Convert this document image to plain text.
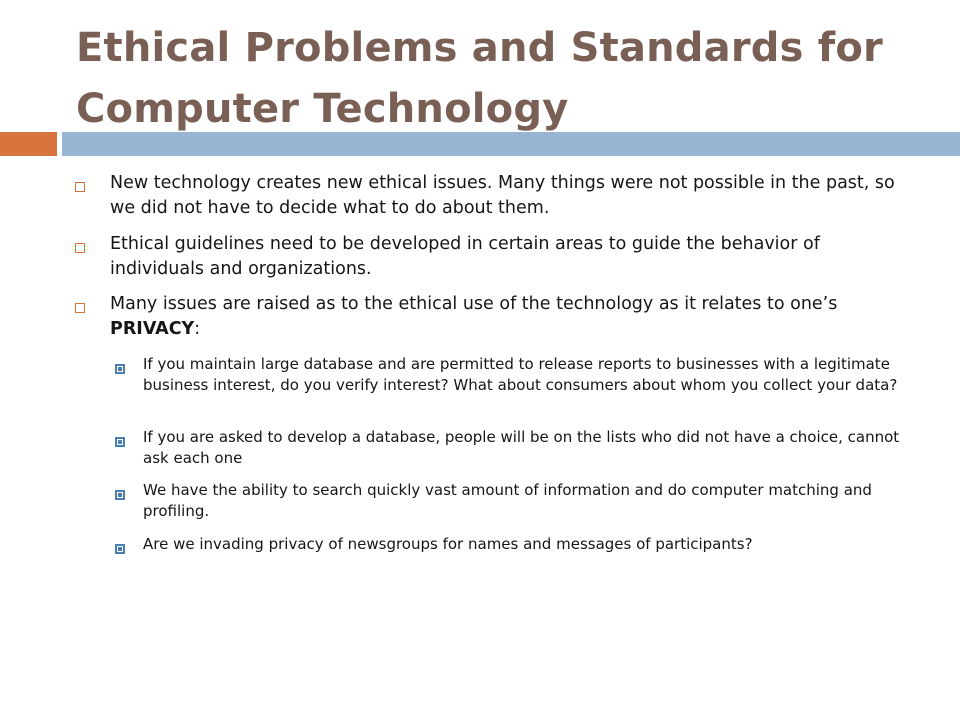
Ethical Problems and Standards for Computer Technology
New technology creates new ethical issues. Many things were not possible in the past, so we did not have to decide what to do about them.
Ethical guidelines need to be developed in certain areas to guide the behavior of individuals and organizations.
Many issues are raised as to the ethical use of the technology as it relates to one’s PRIVACY:
If you maintain large database and are permitted to release reports to businesses with a legitimate business interest, do you verify interest? What about consumers about whom you collect your data?
If you are asked to develop a database, people will be on the lists who did not have a choice, cannot ask each one
We have the ability to search quickly vast amount of information and do computer matching and profiling.
Are we invading privacy of newsgroups for names and messages of participants?
